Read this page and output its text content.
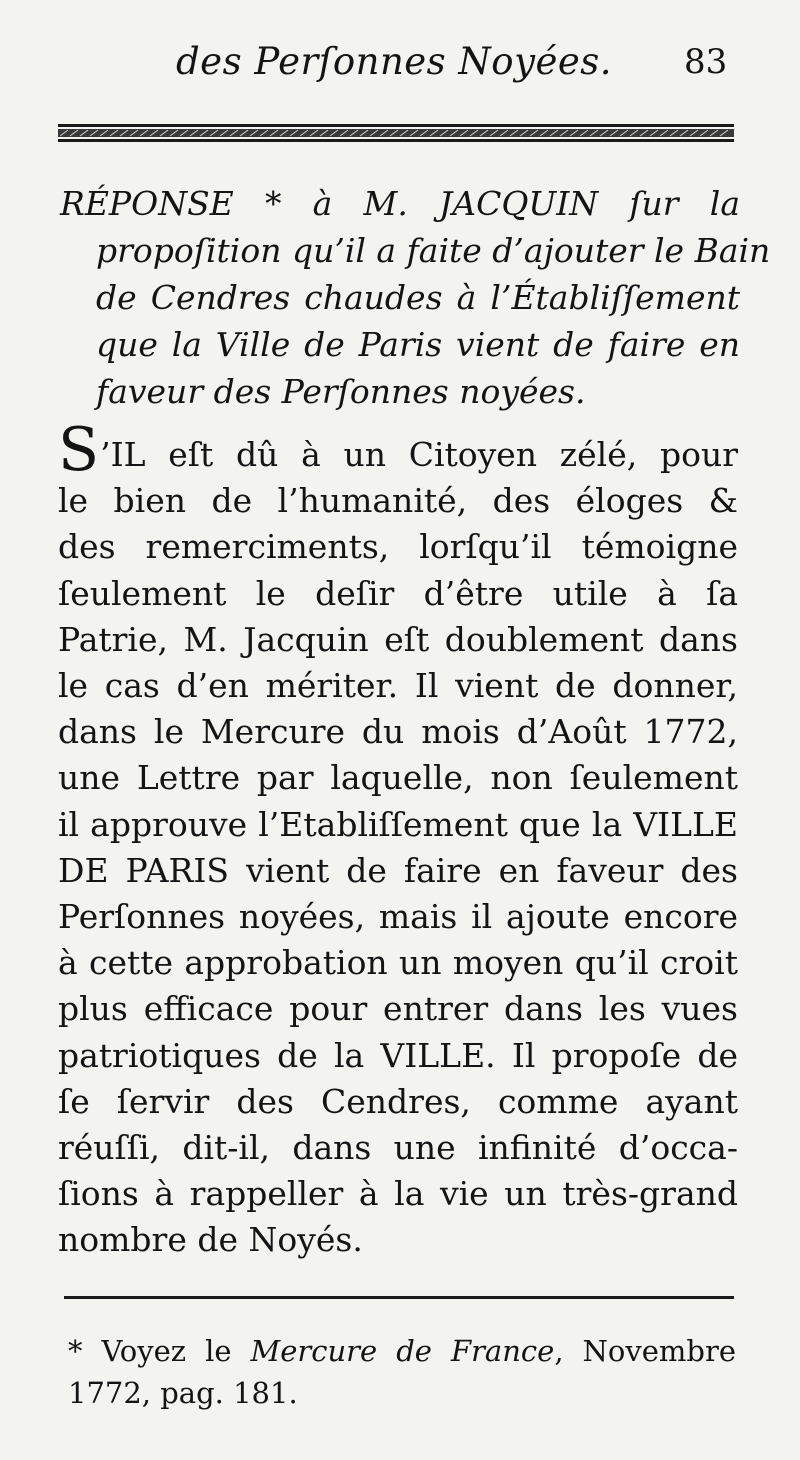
des Perſonnes Noyées. 83
RÉPONSE * à M. JACQUIN ſur la
propoſition qu’il a faite d’ajouter le Bain
de Cendres chaudes à l’Établiſſement
que la Ville de Paris vient de faire en
faveur des Perſonnes noyées.
S’IL eſt dû à un Citoyen zélé, pour
le bien de l’humanité, des éloges &
des remerciments, lorſqu’il témoigne
ſeulement le deſir d’être utile à ſa
Patrie, M. Jacquin eſt doublement dans
le cas d’en mériter. Il vient de donner,
dans le Mercure du mois d’Août 1772,
une Lettre par laquelle, non ſeulement
il approuve l’Etabliſſement que la VILLE
DE PARIS vient de faire en faveur des
Perſonnes noyées, mais il ajoute encore
à cette approbation un moyen qu’il croit
plus efficace pour entrer dans les vues
patriotiques de la VILLE. Il propoſe de
ſe ſervir des Cendres, comme ayant
réuſſi, dit-il, dans une infinité d’occa-
ſions à rappeller à la vie un très-grand
nombre de Noyés.
* Voyez le Mercure de France, Novembre
1772, pag. 181.
